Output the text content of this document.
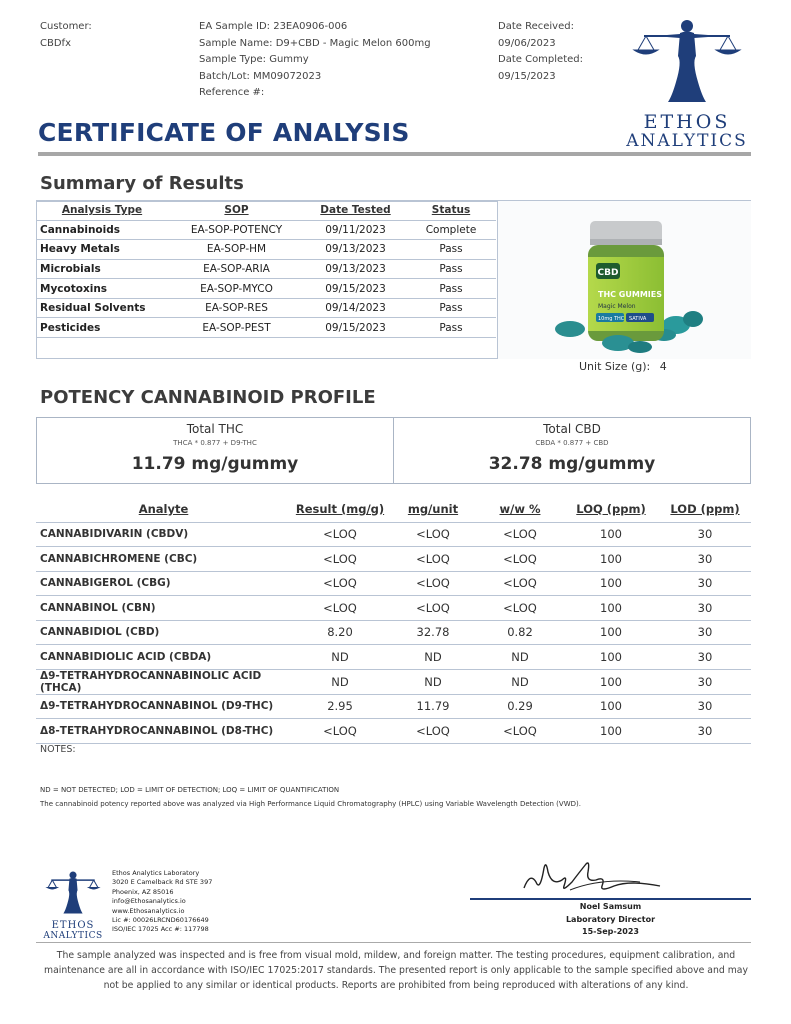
Customer:
CBDfx
EA Sample ID: 23EA0906-006
Sample Name: D9+CBD - Magic Melon 600mg
Sample Type: Gummy
Batch/Lot: MM09072023
Reference #:
Date Received:
09/06/2023
Date Completed:
09/15/2023
ETHOS
ANALYTICS
CERTIFICATE OF ANALYSIS
Summary of Results
Analysis Type	SOP	Date Tested	Status
Cannabinoids	EA-SOP-POTENCY	09/11/2023	Complete
Heavy Metals	EA-SOP-HM	09/13/2023	Pass
Microbials	EA-SOP-ARIA	09/13/2023	Pass
Mycotoxins	EA-SOP-MYCO	09/15/2023	Pass
Residual Solvents	EA-SOP-RES	09/14/2023	Pass
Pesticides	EA-SOP-PEST	09/15/2023	Pass
CBD
THC GUMMIES
Magic Melon
10mg THC SATIVA
Unit Size (g): 4
POTENCY CANNABINOID PROFILE
Total THC
THCA * 0.877 + D9-THC
11.79 mg/gummy
Total CBD
CBDA * 0.877 + CBD
32.78 mg/gummy
Analyte	Result (mg/g)	mg/unit	w/w %	LOQ (ppm)	LOD (ppm)
CANNABIDIVARIN (CBDV)	<LOQ	<LOQ	<LOQ	100	30
CANNABICHROMENE (CBC)	<LOQ	<LOQ	<LOQ	100	30
CANNABIGEROL (CBG)	<LOQ	<LOQ	<LOQ	100	30
CANNABINOL (CBN)	<LOQ	<LOQ	<LOQ	100	30
CANNABIDIOL (CBD)	8.20	32.78	0.82	100	30
CANNABIDIOLIC ACID (CBDA)	ND	ND	ND	100	30
Δ9-TETRAHYDROCANNABINOLIC ACID (THCA)	ND	ND	ND	100	30
Δ9-TETRAHYDROCANNABINOL (D9-THC)	2.95	11.79	0.29	100	30
Δ8-TETRAHYDROCANNABINOL (D8-THC)	<LOQ	<LOQ	<LOQ	100	30
NOTES:
ND = NOT DETECTED; LOD = LIMIT OF DETECTION; LOQ = LIMIT OF QUANTIFICATION
The cannabinoid potency reported above was analyzed via High Performance Liquid Chromatography (HPLC) using Variable Wavelength Detection (VWD).
ETHOS
ANALYTICS
Ethos Analytics Laboratory
3020 E Camelback Rd STE 397
Phoenix, AZ 85016
info@Ethosanalytics.io
www.Ethosanalytics.io
Lic #: 00026LRCND60176649
ISO/IEC 17025 Acc #: 117798
Noel Samsum
Laboratory Director
15-Sep-2023
The sample analyzed was inspected and is free from visual mold, mildew, and foreign matter. The testing procedures, equipment calibration, and
maintenance are all in accordance with ISO/IEC 17025:2017 standards. The presented report is only applicable to the sample specified above and may
not be applied to any similar or identical products. Reports are prohibited from being reproduced with alterations of any kind.
